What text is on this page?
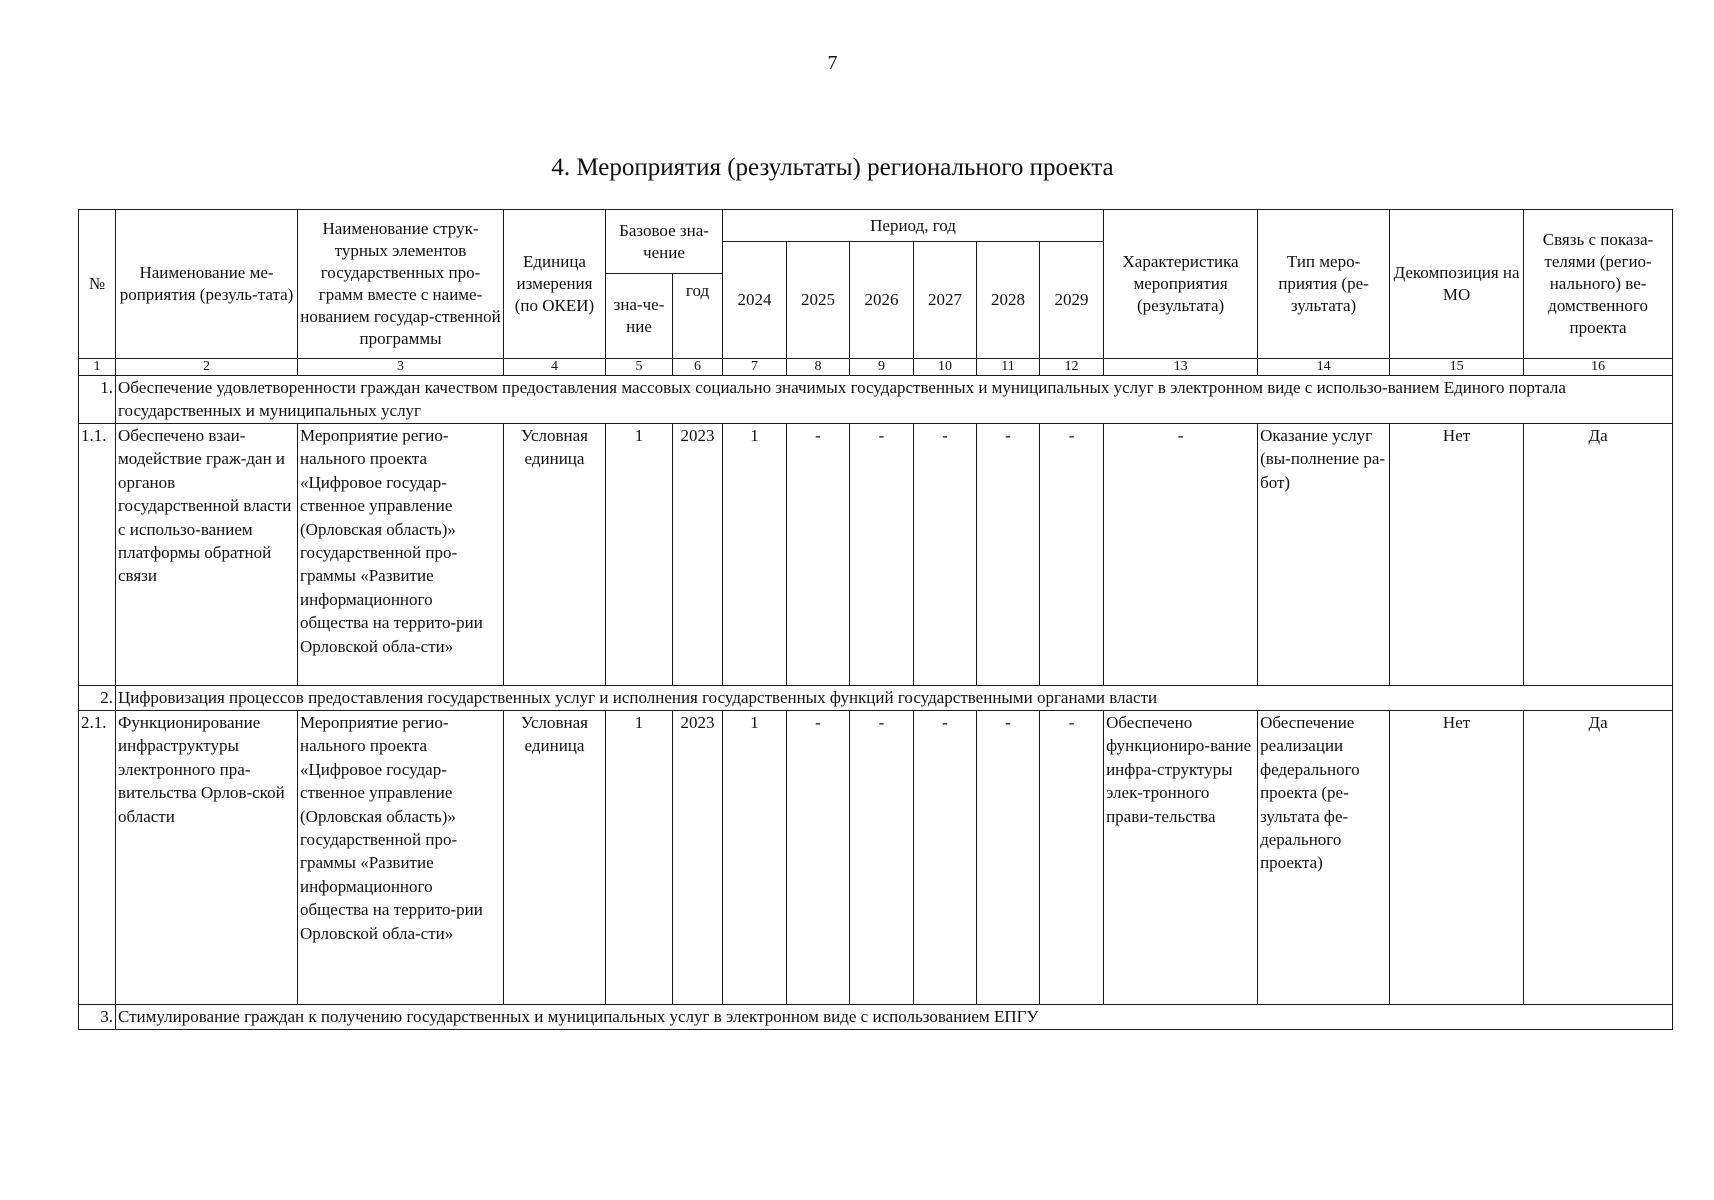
7
4. Мероприятия (результаты) регионального проекта
№	Наименование ме-роприятия (резуль-тата)	Наименование струк-турных элементов государственных про-грамм вместе с наиме-нованием государ-ственной программы	Единица измерения (по ОКЕИ)	Базовое зна-чение		Период, год						Характеристика мероприятия (результата)	Тип меро-приятия (ре-зультата)	Декомпозиция на МО	Связь с показа-телями (регио-нального) ве-домственного проекта
						2024	2025	2026	2027	2028	2029				
				зна-че-ние	год										
1	2	3	4	5	6	7	8	9	10	11	12	13	14	15	16
1.	Обеспечение удовлетворенности граждан качеством предоставления массовых социально значимых государственных и муниципальных услуг в электронном виде с использо-ванием Единого портала государственных и муниципальных услуг														
1.1.	Обеспечено взаи-модействие граж-дан и органов государственной власти с использо-ванием платформы обратной связи	Мероприятие регио-нального проекта «Цифровое государ-ственное управление (Орловская область)» государственной про-граммы «Развитие информационного общества на террито-рии Орловской обла-сти»	Условная единица	1	2023	1	-	-	-	-	-	-	Оказание услуг (вы-полнение ра-бот)	Нет	Да
2.	Цифровизация процессов предоставления государственных услуг и исполнения государственных функций государственными органами власти														
2.1.	Функционирование инфраструктуры электронного пра-вительства Орлов-ской области	Мероприятие регио-нального проекта «Цифровое государ-ственное управление (Орловская область)» государственной про-граммы «Развитие информационного общества на террито-рии Орловской обла-сти»	Условная единица	1	2023	1	-	-	-	-	-	Обеспечено функциониро-вание инфра-структуры элек-тронного прави-тельства	Обеспечение реализации федерального проекта (ре-зультата фе-дерального проекта)	Нет	Да
3.	Стимулирование граждан к получению государственных и муниципальных услуг в электронном виде с использованием ЕПГУ														
